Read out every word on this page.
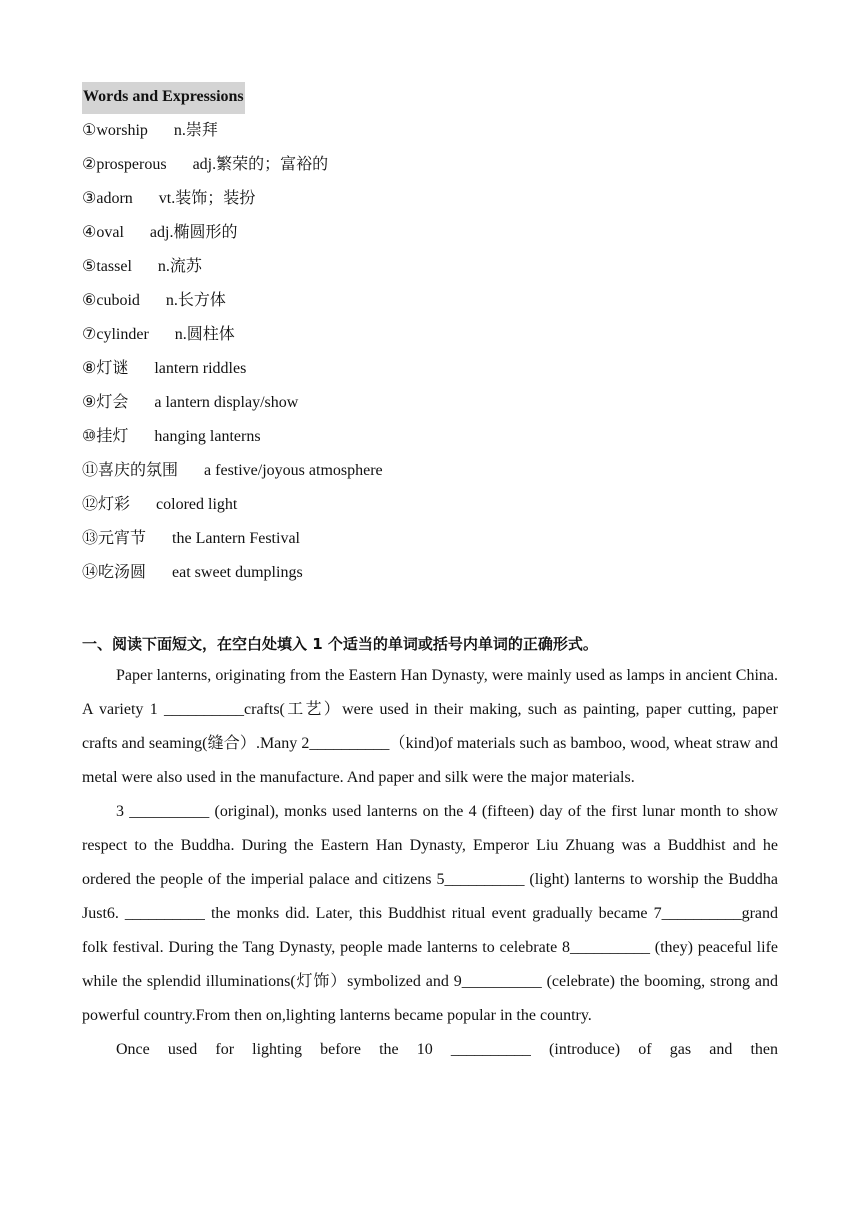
Words and Expressions
①worship n.崇拜
②prosperous adj.繁荣的；富裕的
③adorn vt.装饰；装扮
④oval adj.椭圆形的
⑤tassel n.流苏
⑥cuboid n.长方体
⑦cylinder n.圆柱体
⑧灯谜 lantern riddles
⑨灯会 a lantern display/show
⑩挂灯 hanging lanterns
⑪喜庆的氛围 a festive/joyous atmosphere
⑫灯彩 colored light
⑬元宵节 the Lantern Festival
⑭吃汤圆 eat sweet dumplings
一、阅读下面短文，在空白处填入 1 个适当的单词或括号内单词的正确形式。

Paper lanterns, originating from the Eastern Han Dynasty, were mainly used as lamps in ancient China. A variety 1 __________crafts(工艺）were used in their making, such as painting, paper cutting, paper crafts and seaming(缝合）.Many 2__________（kind)of materials such as bamboo, wood, wheat straw and metal were also used in the manufacture. And paper and silk were the major materials.

3 __________ (original), monks used lanterns on the 4 (fifteen) day of the first lunar month to show respect to the Buddha. During the Eastern Han Dynasty, Emperor Liu Zhuang was a Buddhist and he ordered the people of the imperial palace and citizens 5__________ (light) lanterns to worship the Buddha Just6. __________ the monks did. Later, this Buddhist ritual event gradually became 7__________grand folk festival. During the Tang Dynasty, people made lanterns to celebrate 8__________ (they) peaceful life while the splendid illuminations(灯饰）symbolized and 9__________ (celebrate) the booming, strong and powerful country.From then on,lighting lanterns became popular in the country.

Once used for lighting before the 10 __________ (introduce) of gas and then
